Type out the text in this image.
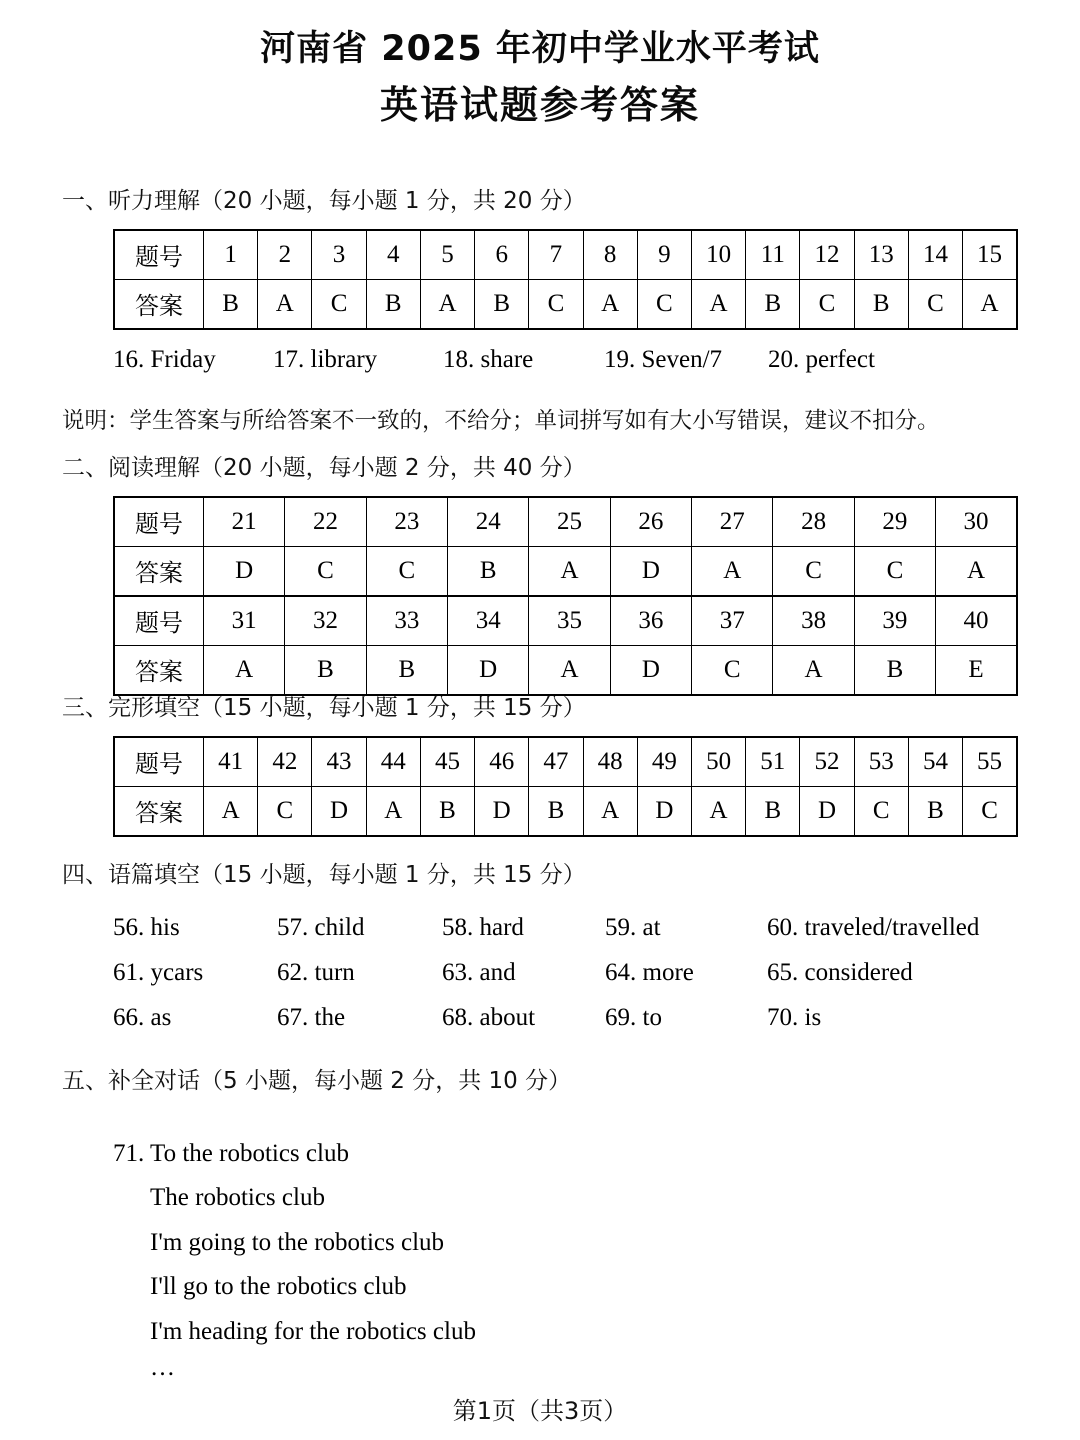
河南省 2025 年初中学业水平考试
英语试题参考答案
一、听力理解（20 小题，每小题 1 分，共 20 分）
题号	1	2	3	4	5	6	7	8	9	10	11	12	13	14	15
答案	B	A	C	B	A	B	C	A	C	A	B	C	B	C	A
16. Friday 17. library	18. share	19. Seven/7 20. perfect
说明：学生答案与所给答案不一致的，不给分；单词拼写如有大小写错误，建议不扣分。
二、阅读理解（20 小题，每小题 2 分，共 40 分）
题号	21	22	23	24	25	26	27	28	29	30
答案	D	C	C	B	A	D	A	C	C	A
题号	31	32	33	34	35	36	37	38	39	40
答案	A	B	B	D	A	D	C	A	B	E
三、完形填空（15 小题，每小题 1 分，共 15 分）
题号	41	42	43	44	45	46	47	48	49	50	51	52	53	54	55
答案	A	C	D	A	B	D	B	A	D	A	B	D	C	B	C
四、语篇填空（15 小题，每小题 1 分，共 15 分）
56. his	57. child	58. hard	59. at	60. traveled/travelled
61. ycars	62. turn	63. and	64. more	65. considered
66. as	67. the	68. about	69. to	70. is
五、补全对话（5 小题，每小题 2 分，共 10 分）
71. To the robotics club
The robotics club
I'm going to the robotics club
I'll go to the robotics club
I'm heading for the robotics club
…
第1页（共3页）
